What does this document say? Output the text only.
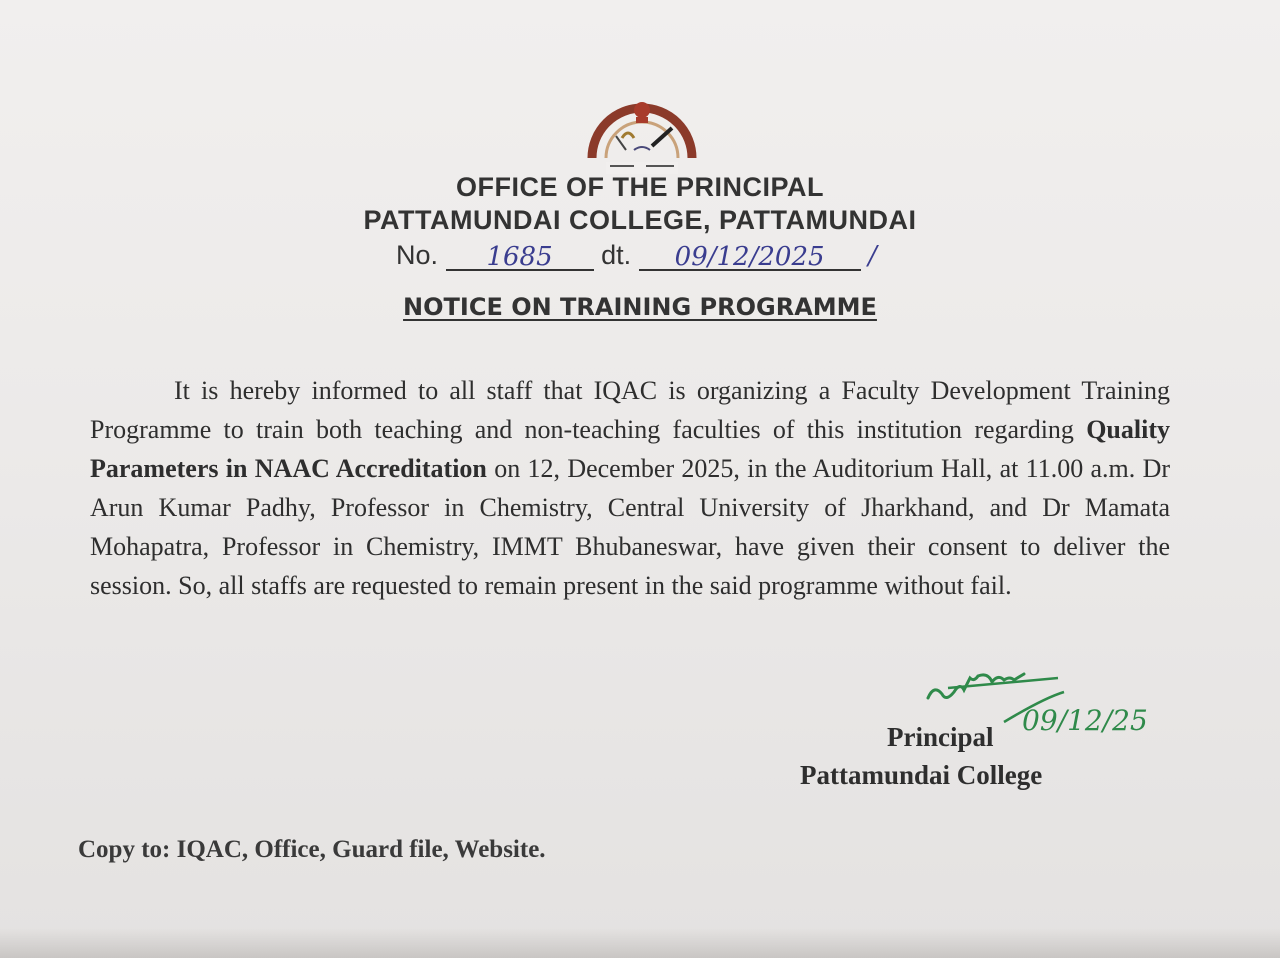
OFFICE OF THE PRINCIPAL
PATTAMUNDAI COLLEGE, PATTAMUNDAI
No. 1685 dt. 09/12/2025 /
NOTICE ON TRAINING PROGRAMME
It is hereby informed to all staff that IQAC is organizing a Faculty Development Training Programme to train both teaching and non-teaching faculties of this institution regarding Quality Parameters in NAAC Accreditation on 12, December 2025, in the Auditorium Hall, at 11.00 a.m. Dr Arun Kumar Padhy, Professor in Chemistry, Central University of Jharkhand, and Dr Mamata Mohapatra, Professor in Chemistry, IMMT Bhubaneswar, have given their consent to deliver the session. So, all staffs are requested to remain present in the said programme without fail.
09/12/25
Principal
Pattamundai College
Copy to: IQAC, Office, Guard file, Website.
